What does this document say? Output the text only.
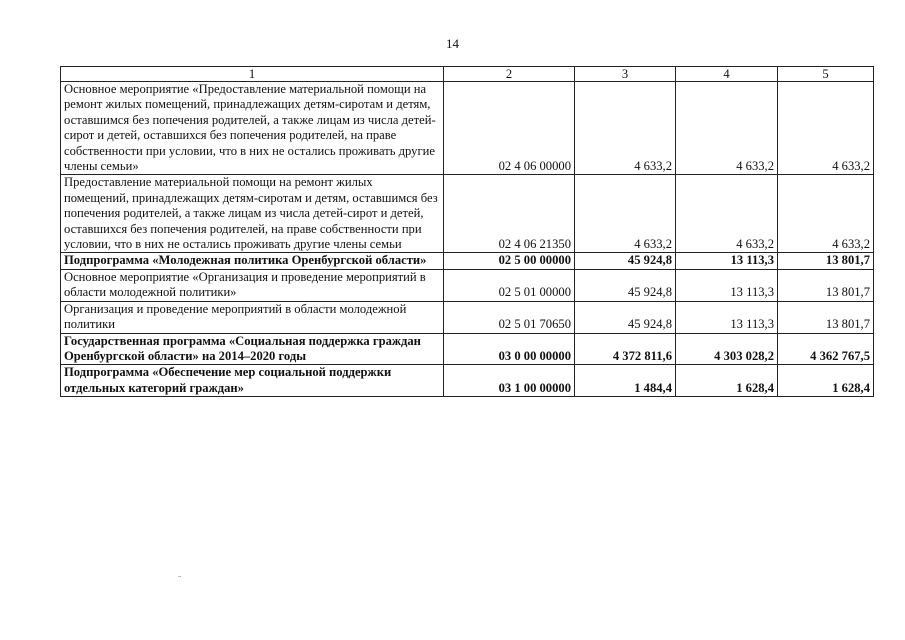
14
1	2	3	4	5
Основное мероприятие «Предоставление материальной помощи на ремонт жилых помещений, принадлежащих детям-сиротам и детям, оставшимся без попечения родителей, а также лицам из числа детей-сирот и детей, оставшихся без попечения родителей, на праве собственности при условии, что в них не остались проживать другие члены семьи»	02 4 06 00000	4 633,2	4 633,2	4 633,2
Предоставление материальной помощи на ремонт жилых помещений, принадлежащих детям-сиротам и детям, оставшимся без попечения родителей, а также лицам из числа детей-сирот и детей, оставшихся без попечения родителей, на праве собственности при условии, что в них не остались проживать другие члены семьи	02 4 06 21350	4 633,2	4 633,2	4 633,2
Подпрограмма «Молодежная политика Оренбургской области»	02 5 00 00000	45 924,8	13 113,3	13 801,7
Основное мероприятие «Организация и проведение мероприятий в области молодежной политики»	02 5 01 00000	45 924,8	13 113,3	13 801,7
Организация и проведение мероприятий в области молодежной политики	02 5 01 70650	45 924,8	13 113,3	13 801,7
Государственная программа «Социальная поддержка граждан Оренбургской области» на 2014–2020 годы	03 0 00 00000	4 372 811,6	4 303 028,2	4 362 767,5
Подпрограмма «Обеспечение мер социальной поддержки отдельных категорий граждан»	03 1 00 00000	1 484,4	1 628,4	1 628,4
